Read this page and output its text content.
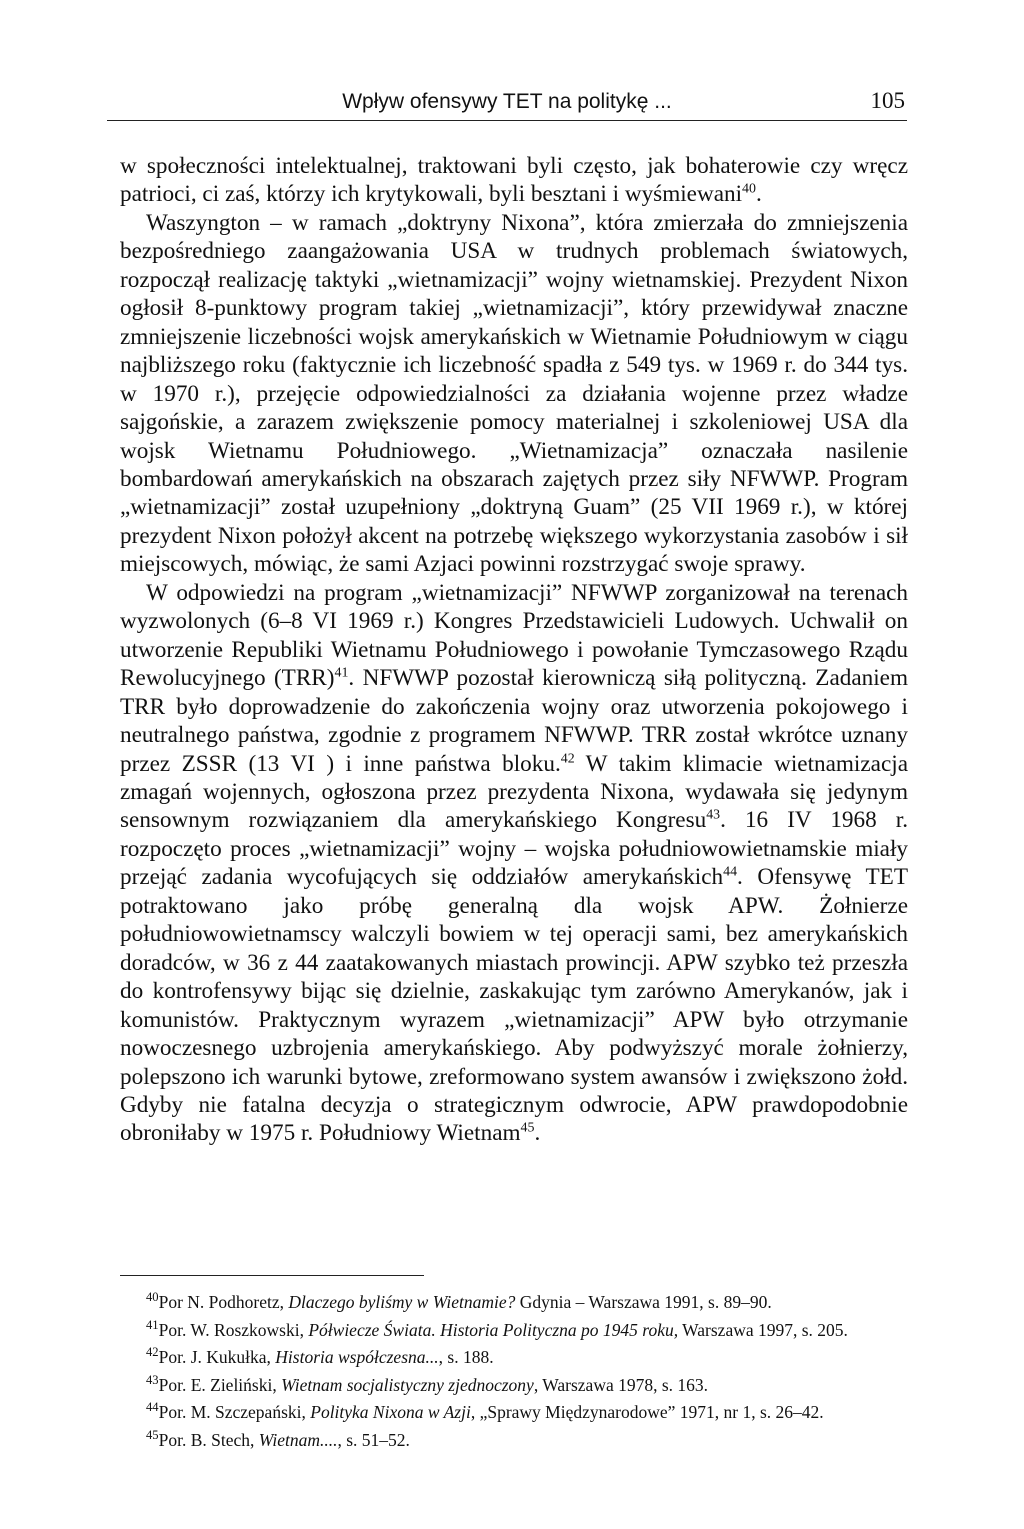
Wpływ ofensywy TET na politykę ...	105

w społeczności intelektualnej, traktowani byli często, jak bohaterowie czy wręcz patrioci, ci zaś, którzy ich krytykowali, byli besztani i wyśmiewani$^{40}$.

Waszyngton – w ramach „doktryny Nixona”, która zmierzała do zmniejszenia bezpośredniego zaangażowania USA w trudnych problemach światowych, rozpoczął realizację taktyki „wietnamizacji” wojny wietnamskiej. Prezydent Nixon ogłosił 8-punktowy program takiej „wietnamizacji”, który przewidywał znaczne zmniejszenie liczebności wojsk amerykańskich w Wietnamie Południowym w ciągu najbliższego roku (faktycznie ich liczebność spadła z 549 tys. w 1969 r. do 344 tys. w 1970 r.), przejęcie odpowiedzialności za działania wojenne przez władze sajgońskie, a zarazem zwiększenie pomocy materialnej i szkoleniowej USA dla wojsk Wietnamu Południowego. „Wietnamizacja” oznaczała nasilenie bombardowań amerykańskich na obszarach zajętych przez siły NFWWP. Program „wietnamizacji” został uzupełniony „doktryną Guam” (25 VII 1969 r.), w której prezydent Nixon położył akcent na potrzebę większego wykorzystania zasobów i sił miejscowych, mówiąc, że sami Azjaci powinni rozstrzygać swoje sprawy.

W odpowiedzi na program „wietnamizacji” NFWWP zorganizował na terenach wyzwolonych (6–8 VI 1969 r.) Kongres Przedstawicieli Ludowych. Uchwalił on utworzenie Republiki Wietnamu Południowego i powołanie Tymczasowego Rządu Rewolucyjnego (TRR)$^{41}$. NFWWP pozostał kierowniczą siłą polityczną. Zadaniem TRR było doprowadzenie do zakończenia wojny oraz utworzenia pokojowego i neutralnego państwa, zgodnie z programem NFWWP. TRR został wkrótce uznany przez ZSSR (13 VI ) i inne państwa bloku.$^{42}$ W takim klimacie wietnamizacja zmagań wojennych, ogłoszona przez prezydenta Nixona, wydawała się jedynym sensownym rozwiązaniem dla amerykańskiego Kongresu$^{43}$. 16 IV 1968 r. rozpoczęto proces „wietnamizacji” wojny – wojska południowowietnamskie miały przejąć zadania wycofujących się oddziałów amerykańskich$^{44}$. Ofensywę TET potraktowano jako próbę generalną dla wojsk APW. Żołnierze południowowietnamscy walczyli bowiem w tej operacji sami, bez amerykańskich doradców, w 36 z 44 zaatakowanych miastach prowincji. APW szybko też przeszła do kontrofensywy bijąc się dzielnie, zaskakując tym zarówno Amerykanów, jak i komunistów. Praktycznym wyrazem „wietnamizacji” APW było otrzymanie nowoczesnego uzbrojenia amerykańskiego. Aby podwyższyć morale żołnierzy, polepszono ich warunki bytowe, zreformowano system awansów i zwiększono żołd. Gdyby nie fatalna decyzja o strategicznym odwrocie, APW prawdopodobnie obroniłaby w 1975 r. Południowy Wietnam$^{45}$.

$^{40}$Por N. Podhoretz, Dlaczego byliśmy w Wietnamie? Gdynia – Warszawa 1991, s. 89–90.
$^{41}$Por. W. Roszkowski, Półwiecze Świata. Historia Polityczna po 1945 roku, Warszawa 1997, s. 205.
$^{42}$Por. J. Kukułka, Historia współczesna..., s. 188.
$^{43}$Por. E. Zieliński, Wietnam socjalistyczny zjednoczony, Warszawa 1978, s. 163.
$^{44}$Por. M. Szczepański, Polityka Nixona w Azji, „Sprawy Międzynarodowe” 1971, nr 1, s. 26–42.
$^{45}$Por. B. Stech, Wietnam...., s. 51–52.
